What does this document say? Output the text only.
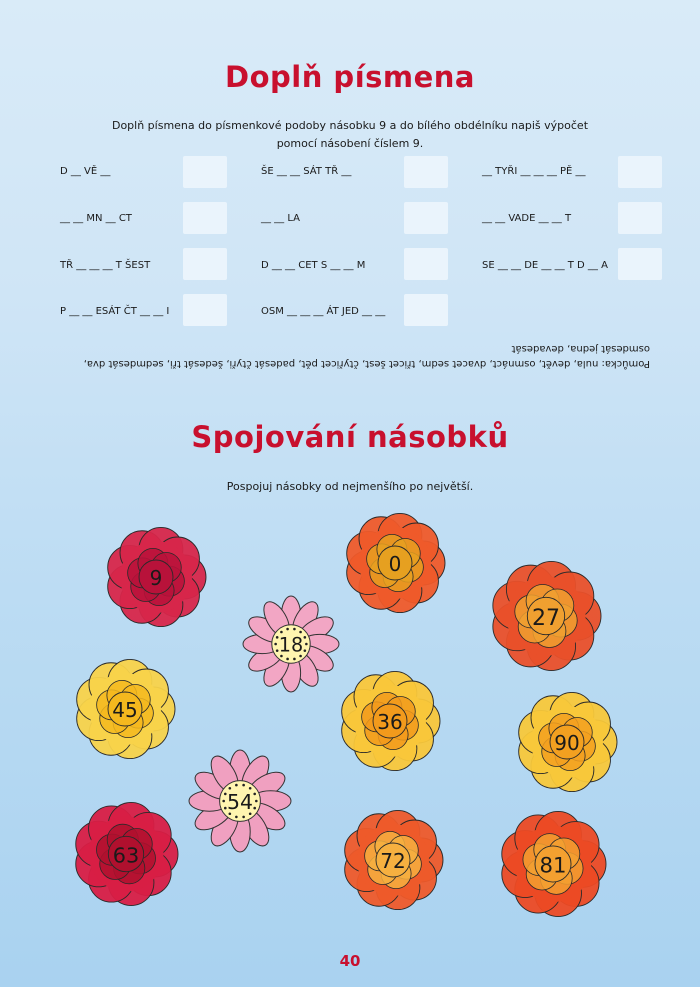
Doplň písmena
Doplň písmena do písmenkové podoby násobku 9 a do bílého obdélníku napiš výpočet
pomocí násobení číslem 9.
D __ VĚ __	ŠE __ __ SÁT TŘ __	__ TYŘI __ __ __ PĚ __
__ __ MN __ CT	__ __ LA	__ __ VADE __ __ T
TŘ __ __ __ T ŠEST	D __ __ CET S __ __ M	SE __ __ DE __ __ T D __ A
P __ __ ESÁT ČT __ __ I	OSM __ __ __ ÁT JED __ __
Pomůcka: nula, devět, osmnáct, dvacet sedm, třicet šest, čtyřicet pět, padesát čtyři, šedesát tři, sedmdesát dva,
osmdesát jedna, devadesát
Spojování násobků
Pospojuj násobky od nejmenšího po největší.
9
0
27
18
45	36
90
54
63	72	81
40
